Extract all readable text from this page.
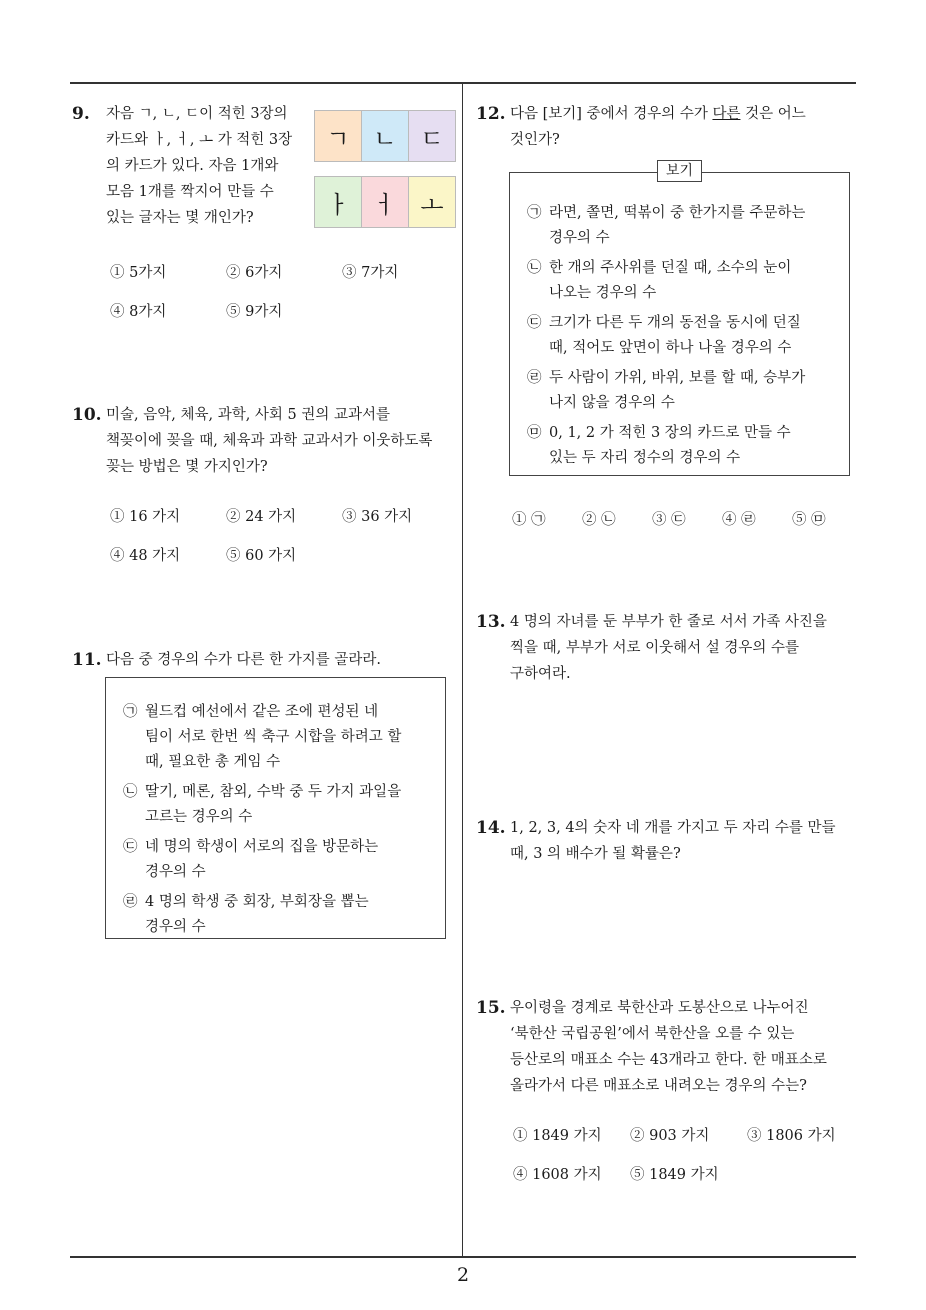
2
9. 자음 ㄱ, ㄴ, ㄷ이 적힌 3장의
카드와 ㅏ, ㅓ, ㅗ 가 적힌 3장
의 카드가 있다. 자음 1개와
모음 1개를 짝지어 만들 수
있는 글자는 몇 개인가?
ㄱ ㄴ ㄷ
ㅏ ㅓ ㅗ
① 5가지	② 6가지	③ 7가지
④ 8가지	⑤ 9가지
10. 미술, 음악, 체육, 과학, 사회 5 권의 교과서를
책꽂이에 꽂을 때, 체육과 과학 교과서가 이웃하도록
꽂는 방법은 몇 가지인가?
① 16 가지	② 24 가지	③ 36 가지
④ 48 가지	⑤ 60 가지
11. 다음 중 경우의 수가 다른 한 가지를 골라라.
㉠ 월드컵 예선에서 같은 조에 편성된 네
팀이 서로 한번 씩 축구 시합을 하려고 할
때, 필요한 총 게임 수
㉡ 딸기, 메론, 참외, 수박 중 두 가지 과일을
고르는 경우의 수
㉢ 네 명의 학생이 서로의 집을 방문하는
경우의 수
㉣ 4 명의 학생 중 회장, 부회장을 뽑는
경우의 수
12. 다음 [보기] 중에서 경우의 수가 다른 것은 어느
것인가?
㉠ 라면, 쫄면, 떡볶이 중 한가지를 주문하는
경우의 수
㉡ 한 개의 주사위를 던질 때, 소수의 눈이
나오는 경우의 수
㉢ 크기가 다른 두 개의 동전을 동시에 던질
때, 적어도 앞면이 하나 나올 경우의 수
㉣ 두 사람이 가위, 바위, 보를 할 때, 승부가
나지 않을 경우의 수
㉤ 0, 1, 2 가 적힌 3 장의 카드로 만들 수
있는 두 자리 정수의 경우의 수
보기
① ㉠	② ㉡	③ ㉢	④ ㉣	⑤ ㉤
13. 4 명의 자녀를 둔 부부가 한 줄로 서서 가족 사진을
찍을 때, 부부가 서로 이웃해서 설 경우의 수를
구하여라.
14. 1, 2, 3, 4의 숫자 네 개를 가지고 두 자리 수를 만들
때, 3 의 배수가 될 확률은?
15. 우이령을 경계로 북한산과 도봉산으로 나누어진
‘북한산 국립공원’에서 북한산을 오를 수 있는
등산로의 매표소 수는 43개라고 한다. 한 매표소로
올라가서 다른 매표소로 내려오는 경우의 수는?
① 1849 가지 ② 903 가지	③ 1806 가지
④ 1608 가지 ⑤ 1849 가지
